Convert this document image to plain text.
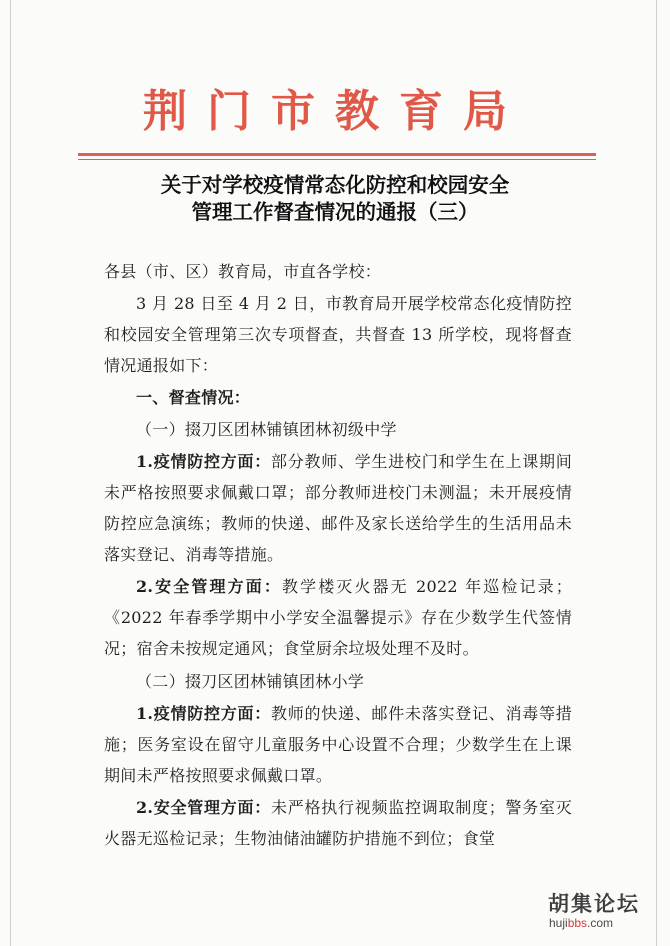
荆门市教育局
关于对学校疫情常态化防控和校园安全
管理工作督查情况的通报（三）
各县（市、区）教育局，市直各学校：
3 月 28 日至 4 月 2 日，市教育局开展学校常态化疫情防控和校园安全管理第三次专项督查，共督查 13 所学校，现将督查情况通报如下：
一、督查情况：
（一）掇刀区团林铺镇团林初级中学
1.疫情防控方面：部分教师、学生进校门和学生在上课期间未严格按照要求佩戴口罩；部分教师进校门未测温；未开展疫情防控应急演练；教师的快递、邮件及家长送给学生的生活用品未落实登记、消毒等措施。
2.安全管理方面：教学楼灭火器无 2022 年巡检记录；《2022 年春季学期中小学安全温馨提示》存在少数学生代签情况；宿舍未按规定通风；食堂厨余垃圾处理不及时。
（二）掇刀区团林铺镇团林小学
1.疫情防控方面：教师的快递、邮件未落实登记、消毒等措施；医务室设在留守儿童服务中心设置不合理；少数学生在上课期间未严格按照要求佩戴口罩。
2.安全管理方面：未严格执行视频监控调取制度；警务室灭火器无巡检记录；生物油储油罐防护措施不到位；食堂
胡集论坛
hujibbs.com
